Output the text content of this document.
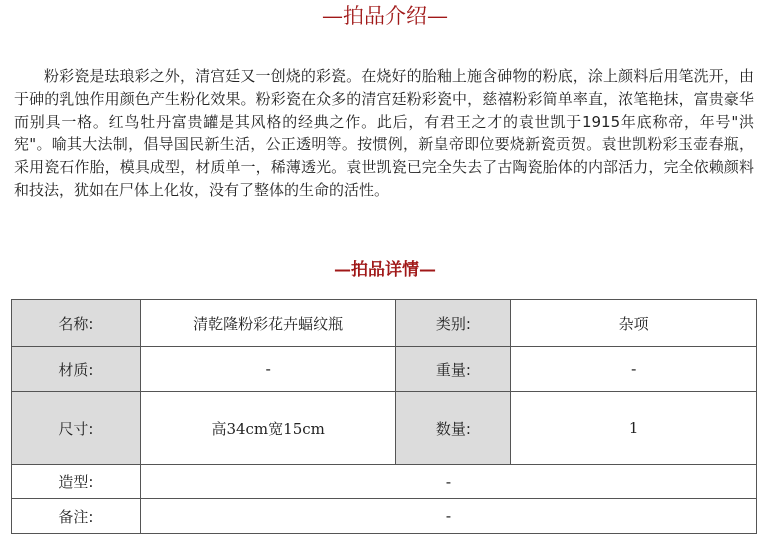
—拍品介绍—

粉彩瓷是珐琅彩之外，清宫廷又一创烧的彩瓷。在烧好的胎釉上施含砷物的粉底，涂上颜料后用笔洗开，由于砷的乳蚀作用颜色产生粉化效果。粉彩瓷在众多的清宫廷粉彩瓷中，慈禧粉彩简单率直，浓笔艳抹，富贵豪华而别具一格。红鸟牡丹富贵罐是其风格的经典之作。此后，有君王之才的袁世凯于1915年底称帝，年号"洪宪"。喻其大法制，倡导国民新生活，公正透明等。按惯例，新皇帝即位要烧新瓷贡贺。袁世凯粉彩玉壶春瓶，采用瓷石作胎，模具成型，材质单一，稀薄透光。袁世凯瓷已完全失去了古陶瓷胎体的内部活力，完全依赖颜料和技法，犹如在尸体上化妆，没有了整体的生命的活性。

—拍品详情—
名称:	清乾隆粉彩花卉蝠纹瓶	类别:	杂项
材质:	-	重量:	-
尺寸:	高34cm宽15cm	数量:	1
造型:	-		
备注:	-		
